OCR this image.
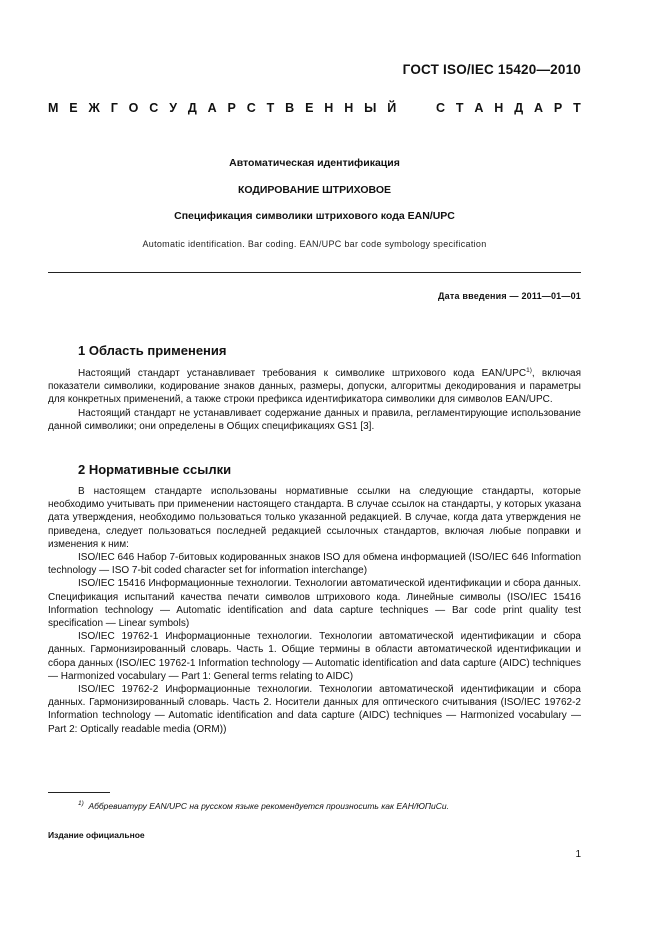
ГОСТ ISO/IEC 15420—2010
М Е Ж Г О С У Д А Р С Т В Е Н Н Ы Й	С Т А Н Д А Р Т
Автоматическая идентификация
КОДИРОВАНИЕ ШТРИХОВОЕ
Спецификация символики штрихового кода EAN/UPC
Automatic identification. Bar coding. EAN/UPC bar code symbology specification
Дата введения — 2011—01—01
1 Область применения

Настоящий стандарт устанавливает требования к символике штрихового кода EAN/UPC$^{1)}$, включая показатели символики, кодирование знаков данных, размеры, допуски, алгоритмы декодирования и параметры для конкретных применений, а также строки префикса идентификатора символики для символов EAN/UPC.

Настоящий стандарт не устанавливает содержание данных и правила, регламентирующие использование данной символики; они определены в Общих спецификациях GS1 [3].

2 Нормативные ссылки

В настоящем стандарте использованы нормативные ссылки на следующие стандарты, которые необходимо учитывать при применении настоящего стандарта. В случае ссылок на стандарты, у которых указана дата утверждения, необходимо пользоваться только указанной редакцией. В случае, когда дата утверждения не приведена, следует пользоваться последней редакцией ссылочных стандартов, включая любые поправки и изменения к ним:

ISO/IEC 646 Набор 7-битовых кодированных знаков ISO для обмена информацией (ISO/IEC 646 Information technology — ISO 7-bit coded character set for information interchange)

ISO/IEC 15416 Информационные технологии. Технологии автоматической идентификации и сбора данных. Спецификация испытаний качества печати символов штрихового кода. Линейные символы (ISO/IEC 15416 Information technology — Automatic identification and data capture techniques — Bar code print quality test specification — Linear symbols)

ISO/IEC 19762-1 Информационные технологии. Технологии автоматической идентификации и сбора данных. Гармонизированный словарь. Часть 1. Общие термины в области автоматической идентификации и сбора данных (ISO/IEC 19762-1 Information technology — Automatic identification and data capture (AIDC) techniques — Harmonized vocabulary — Part 1: General terms relating to AIDC)

ISO/IEC 19762-2 Информационные технологии. Технологии автоматической идентификации и сбора данных. Гармонизированный словарь. Часть 2. Носители данных для оптического считывания (ISO/IEC 19762-2 Information technology — Automatic identification and data capture (AIDC) techniques — Harmonized vocabulary — Part 2: Optically readable media (ORM))

$^{1)}$ Аббревиатуру EAN/UPC на русском языке рекомендуется произносить как ЕАН/ЮПиСи.
Издание официальное
1
